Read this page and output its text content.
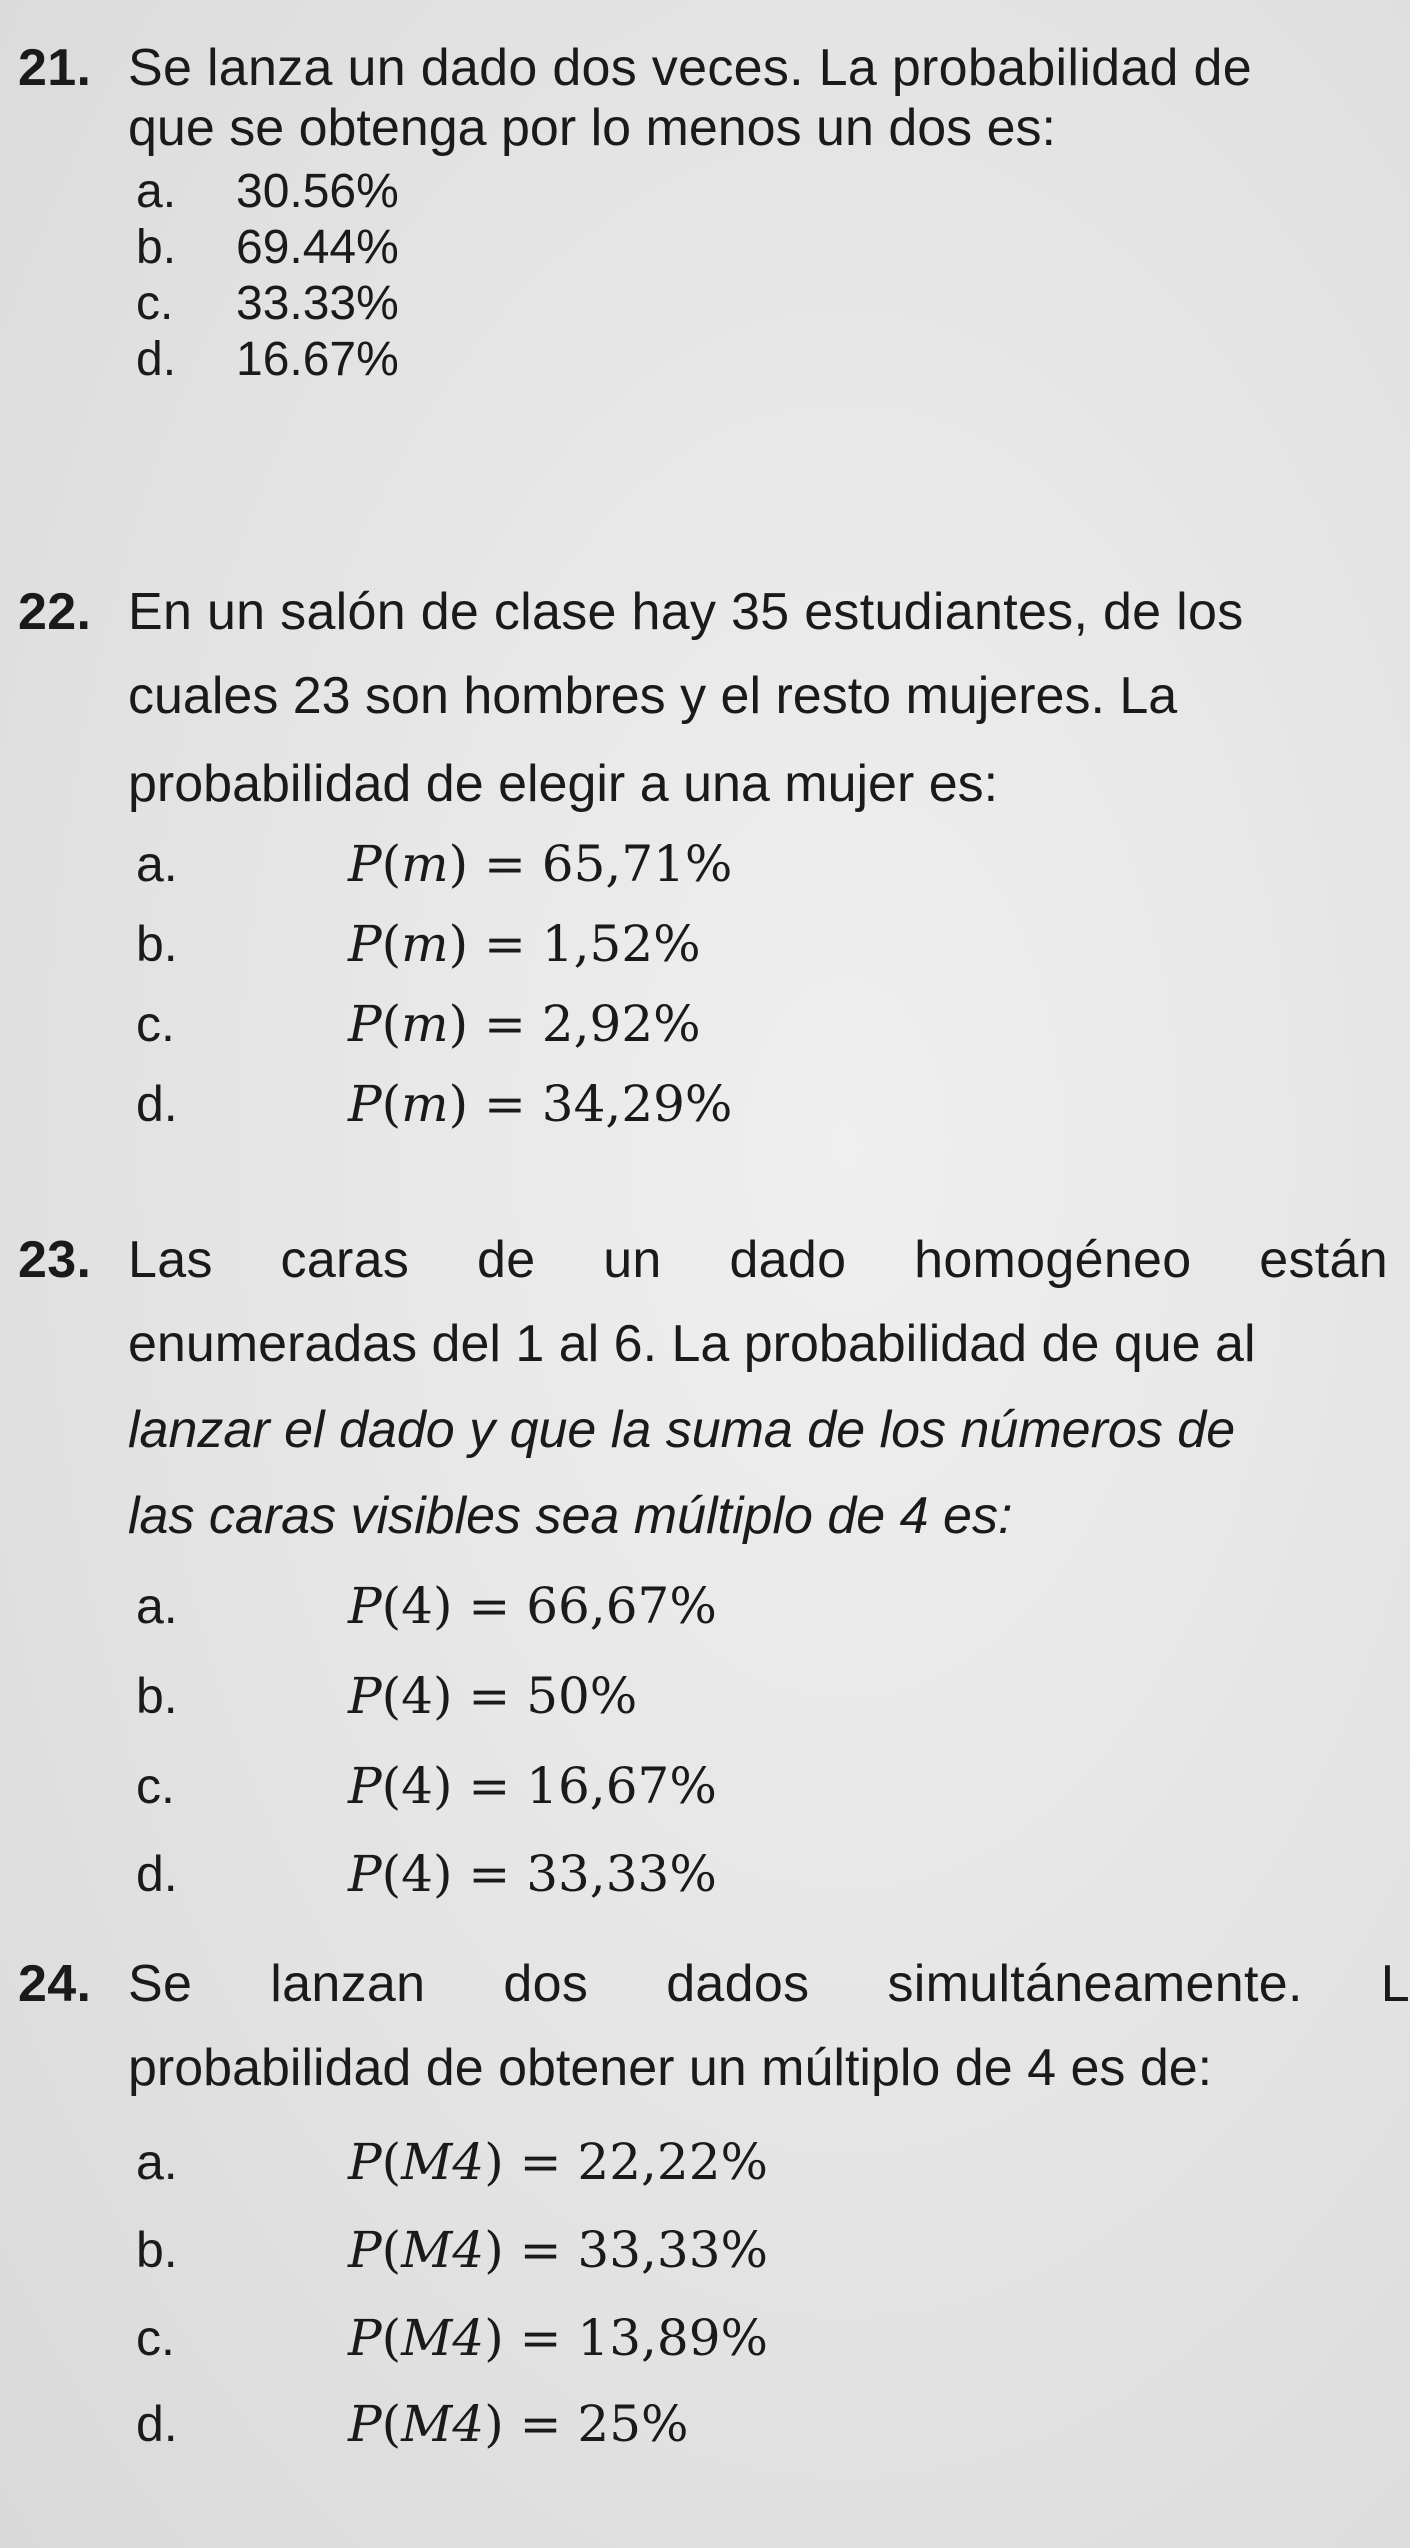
21. Se lanza un dado dos veces. La probabilidad de
que se obtenga por lo menos un dos es:
a. 30.56%
b. 69.44%
c. 33.33%
d. 16.67%
22. En un salón de clase hay 35 estudiantes, de los
cuales 23 son hombres y el resto mujeres. La
probabilidad de elegir a una mujer es:
a.	P(m) = 65,71%
b.	P(m) = 1,52%
c.	P(m) = 2,92%
d.	P(m) = 34,29%
23. Las caras de un dado homogéneo están
enumeradas del 1 al 6. La probabilidad de que al
lanzar el dado y que la suma de los números de
las caras visibles sea múltiplo de 4 es:
a.	P(4) = 66,67%
b.	P(4) = 50%
c.	P(4) = 16,67%
d.	P(4) = 33,33%
24. Se lanzan dos dados simultáneamente. L
probabilidad de obtener un múltiplo de 4 es de:
a.	P(M4) = 22,22%
b.	P(M4) = 33,33%
c.	P(M4) = 13,89%
d.	P(M4) = 25%
